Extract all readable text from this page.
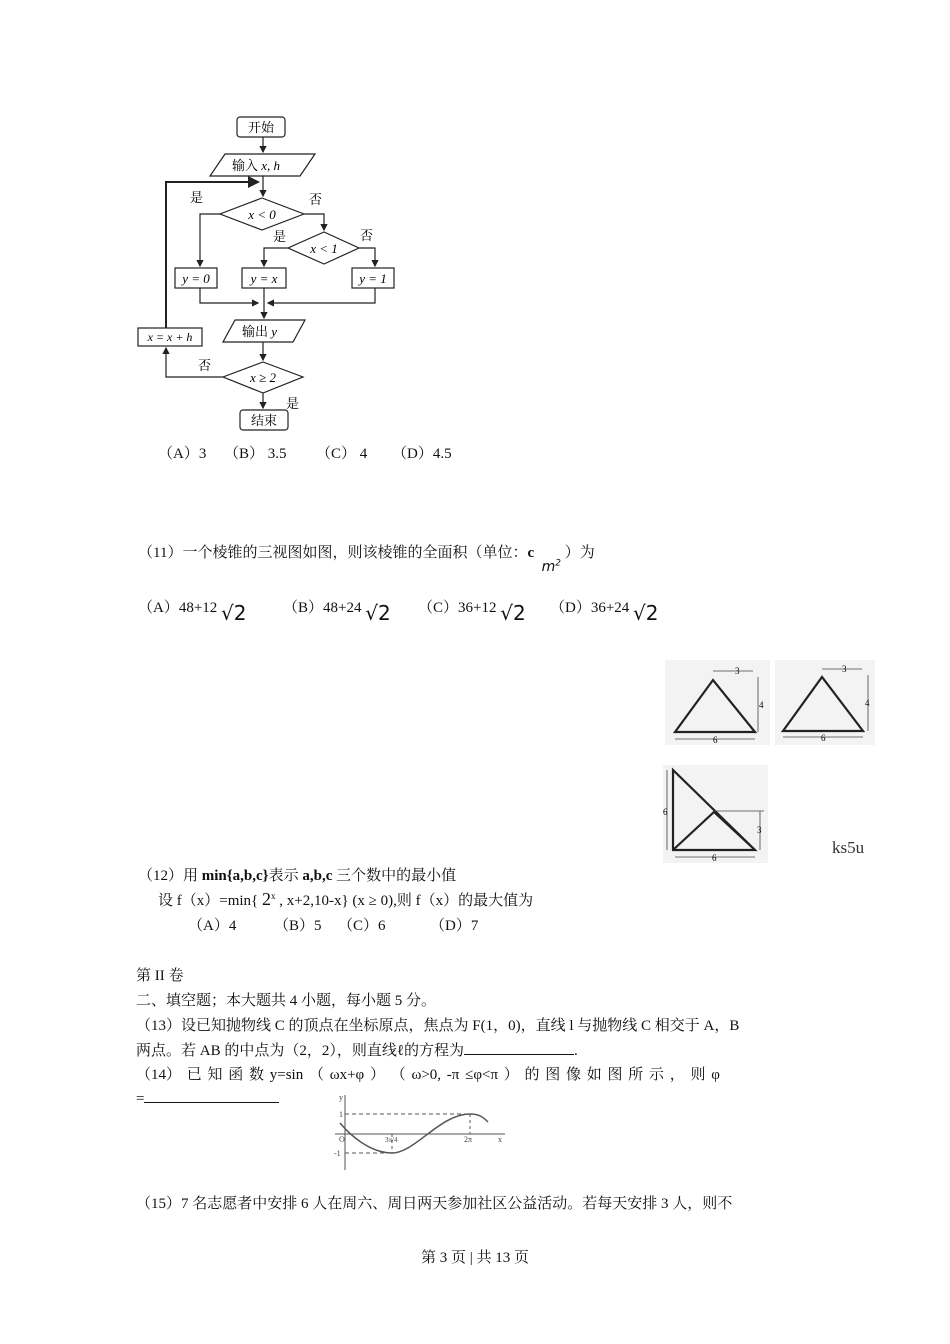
开始
输入 x, h
x < 0
x < 1
y = 0	y = x	y = 1
输出 y
x = x + h
x ≥ 2
结束
是	否
是	否
否
是
（A）3 （B） 3.5 （C） 4 （D）4.5
（11）一个棱锥的三视图如图，则该棱锥的全面积（单位：c  $m^2$ ）为
（A）48+12 √2 （B）48+24 √2 （C）36+12 √2 （D）36+24 √2
3
4
6
3
4
6
6
3
6
ks5u
（12）用 min{a,b,c}表示 a,b,c 三个数中的最小值
设 f（x）=min{ 2$^x$ , x+2,10-x} (x ≥ 0),则 f（x）的最大值为
（A）4	（B）5 （C）6	（D）7
第 II 卷
二、填空题；本大题共 4 小题，每小题 5 分。
（13）设已知抛物线 C 的顶点在坐标原点，焦点为 F(1，0)，直线 l 与抛物线 C 相交于 A，B
两点。若 AB 的中点为（2，2），则直线ℓ的方程为	.
（14） 已 知 函 数 y=sin （ ωx+φ ） （ ω>0, -π ≤φ<π ） 的 图 像 如 图 所 示 ， 则 φ
=	y
x
1
-1
O	3π/4	2π
（15）7 名志愿者中安排 6 人在周六、周日两天参加社区公益活动。若每天安排 3 人，则不
第 3 页 | 共 13 页
